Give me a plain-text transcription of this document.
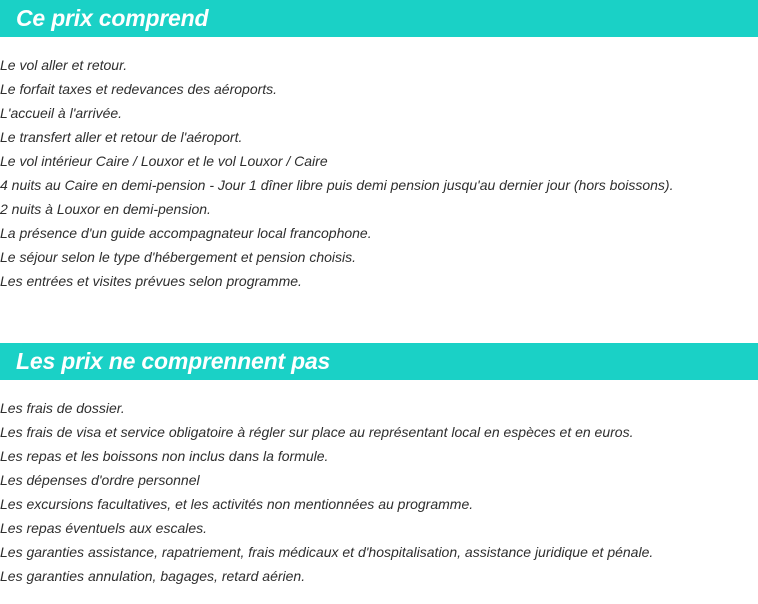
Ce prix comprend
Le vol aller et retour.
Le forfait taxes et redevances des aéroports.
L'accueil à l'arrivée.
Le transfert aller et retour de l'aéroport.
Le vol intérieur Caire / Louxor et le vol Louxor / Caire
4 nuits au Caire en demi-pension - Jour 1 dîner libre puis demi pension jusqu'au dernier jour (hors boissons).
2 nuits à Louxor en demi-pension.
La présence d'un guide accompagnateur local francophone.
Le séjour selon le type d'hébergement et pension choisis.
Les entrées et visites prévues selon programme.
Les prix ne comprennent pas
Les frais de dossier.
Les frais de visa et service obligatoire à régler sur place au représentant local en espèces et en euros.
Les repas et les boissons non inclus dans la formule.
Les dépenses d'ordre personnel
Les excursions facultatives, et les activités non mentionnées au programme.
Les repas éventuels aux escales.
Les garanties assistance, rapatriement, frais médicaux et d'hospitalisation, assistance juridique et pénale.
Les garanties annulation, bagages, retard aérien.
